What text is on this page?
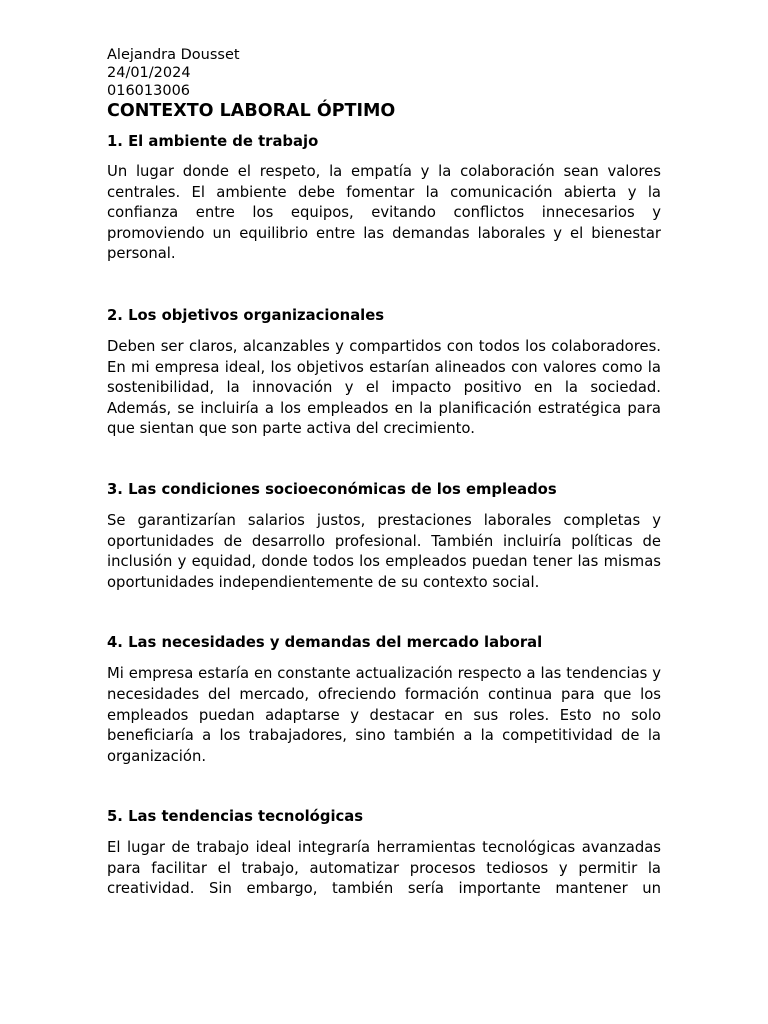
Alejandra Dousset

24/01/2024

016013006

CONTEXTO LABORAL ÓPTIMO
1. El ambiente de trabajo

Un lugar donde el respeto, la empatía y la colaboración sean valores centrales. El ambiente debe fomentar la comunicación abierta y la confianza entre los equipos, evitando conflictos innecesarios y promoviendo un equilibrio entre las demandas laborales y el bienestar personal.

2. Los objetivos organizacionales

Deben ser claros, alcanzables y compartidos con todos los colaboradores. En mi empresa ideal, los objetivos estarían alineados con valores como la sostenibilidad, la innovación y el impacto positivo en la sociedad. Además, se incluiría a los empleados en la planificación estratégica para que sientan que son parte activa del crecimiento.

3. Las condiciones socioeconómicas de los empleados

Se garantizarían salarios justos, prestaciones laborales completas y oportunidades de desarrollo profesional. También incluiría políticas de inclusión y equidad, donde todos los empleados puedan tener las mismas oportunidades independientemente de su contexto social.

4. Las necesidades y demandas del mercado laboral

Mi empresa estaría en constante actualización respecto a las tendencias y necesidades del mercado, ofreciendo formación continua para que los empleados puedan adaptarse y destacar en sus roles. Esto no solo beneficiaría a los trabajadores, sino también a la competitividad de la organización.

5. Las tendencias tecnológicas

El lugar de trabajo ideal integraría herramientas tecnológicas avanzadas para facilitar el trabajo, automatizar procesos tediosos y permitir la creatividad. Sin embargo, también sería importante mantener un
